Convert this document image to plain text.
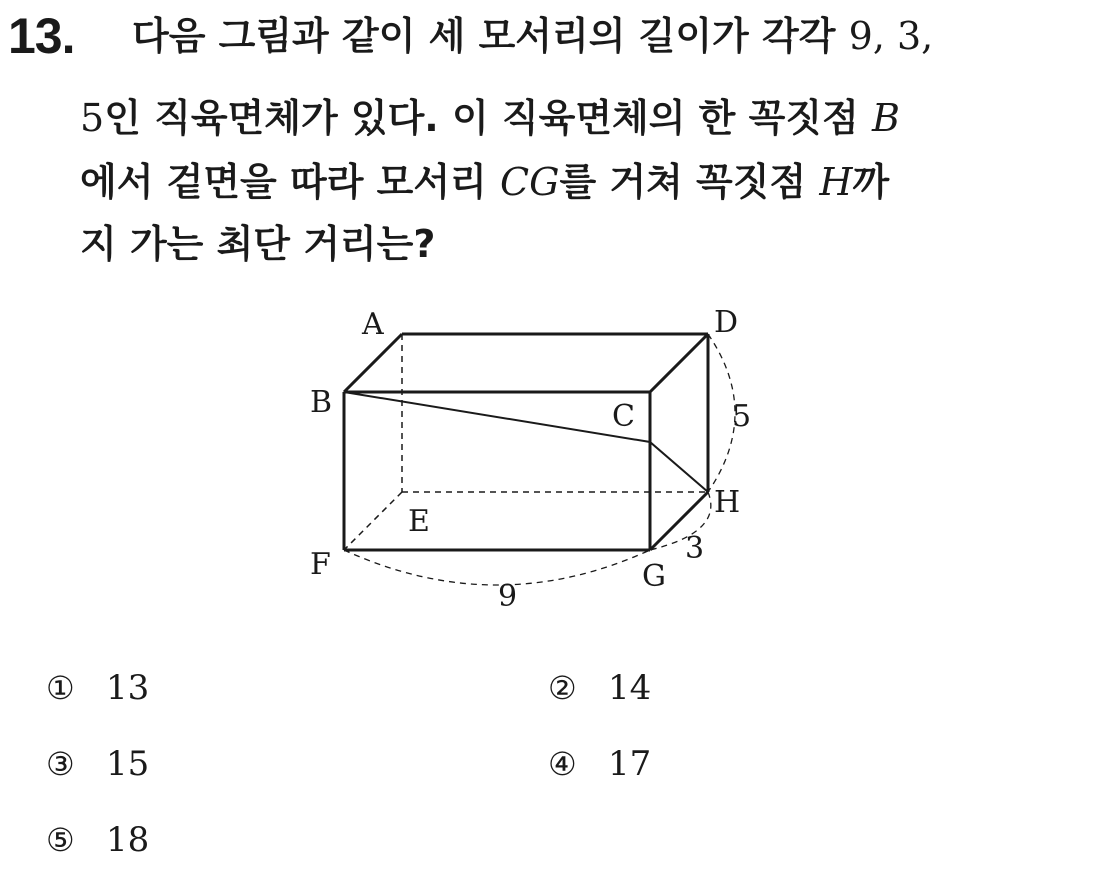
13. 다음 그림과 같이 세 모서리의 길이가 각각 9, 3,
5인 직육면체가 있다. 이 직육면체의 한 꼭짓점 B
에서 겉면을 따라 모서리 CG를 거쳐 꼭짓점 H까
지 가는 최단 거리는?
A	D
B	C
E
H
F	G
5
3
9
① 13	② 14
③ 15	④ 17
⑤ 18
